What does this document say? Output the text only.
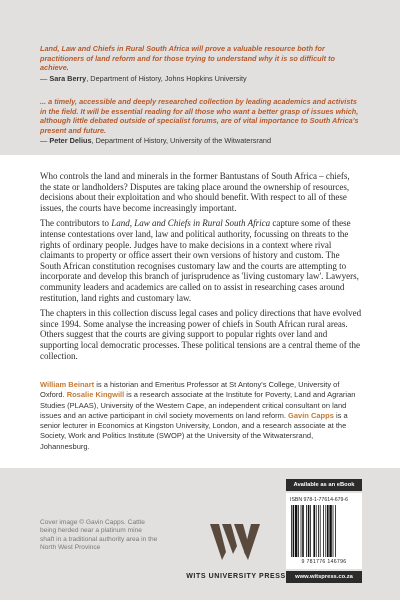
Land, Law and Chiefs in Rural South Africa will prove a valuable resource both for practitioners of land reform and for those trying to understand why it is so difficult to achieve.
— Sara Berry, Department of History, Johns Hopkins University
... a timely, accessible and deeply researched collection by leading academics and activists in the field. It will be essential reading for all those who want a better grasp of issues which, although little debated outside of specialist forums, are of vital importance to South Africa's present and future.
— Peter Delius, Department of History, University of the Witwatersrand

Who controls the land and minerals in the former Bantustans of South Africa – chiefs, the state or landholders? Disputes are taking place around the ownership of resources, decisions about their exploitation and who should benefit. With respect to all of these issues, the courts have become increasingly important.

The contributors to Land, Law and Chiefs in Rural South Africa capture some of these intense contestations over land, law and political authority, focussing on threats to the rights of ordinary people. Judges have to make decisions in a context where rival claimants to property or office assert their own versions of history and custom. The South African constitution recognises customary law and the courts are attempting to incorporate and develop this branch of jurisprudence as 'living customary law'. Lawyers, community leaders and academics are called on to assist in researching cases around restitution, land rights and customary law.

The chapters in this collection discuss legal cases and policy directions that have evolved since 1994. Some analyse the increasing power of chiefs in South African rural areas. Others suggest that the courts are giving support to popular rights over land and supporting local democratic processes. These political tensions are a central theme of the collection.

William Beinart is a historian and Emeritus Professor at St Antony's College, University of Oxford. Rosalie Kingwill is a research associate at the Institute for Poverty, Land and Agrarian Studies (PLAAS), University of the Western Cape, an independent critical consultant on land issues and an active participant in civil society movements on land reform. Gavin Capps is a senior lecturer in Economics at Kingston University, London, and a research associate at the Society, Work and Politics Institute (SWOP) at the University of the Witwatersrand, Johannesburg.
Cover image © Gavin Capps. Cattle being herded near a platinum mine shaft in a traditional authority area in the North West Province
WITS UNIVERSITY PRESS
Available as an eBook
ISBN 978-1-77614-679-6
9 781776 146796
www.witspress.co.za
